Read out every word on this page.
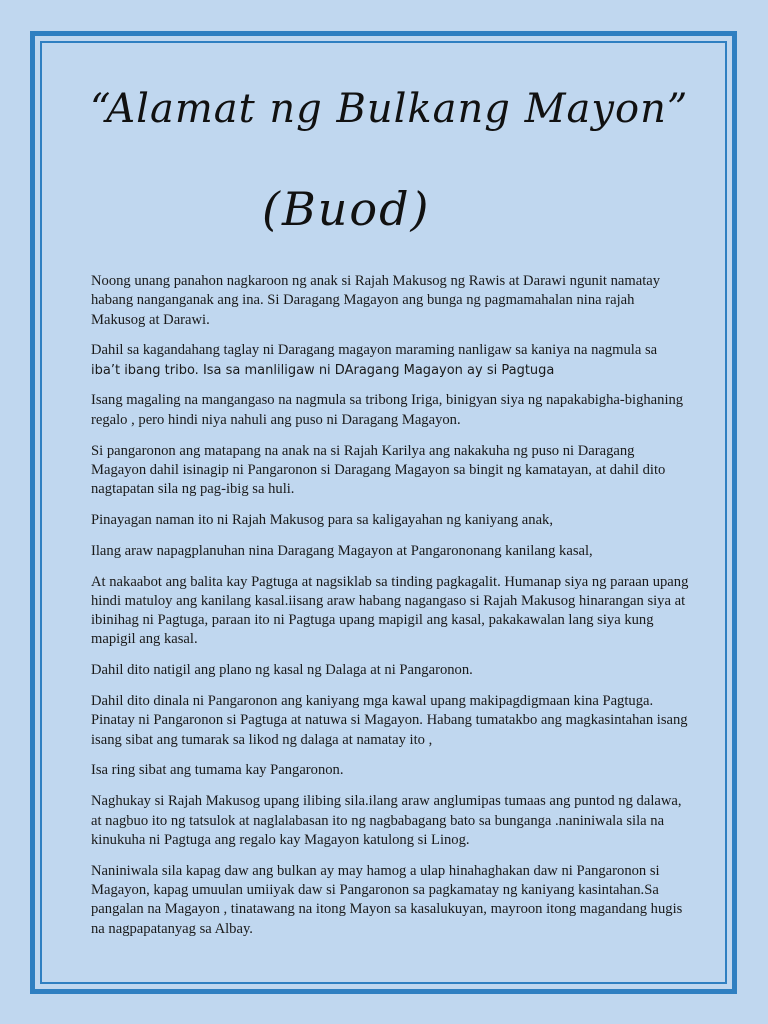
“Alamat ng Bulkang Mayon”
(Buod)

Noong unang panahon nagkaroon ng anak si Rajah Makusog ng Rawis at Darawi ngunit namatay habang nanganganak ang ina. Si Daragang Magayon ang bunga ng pagmamahalan nina rajah Makusog at Darawi.

Dahil sa kagandahang taglay ni Daragang magayon maraming nanligaw sa kaniya na nagmula sa
iba’t ibang tribo. Isa sa manliligaw ni DAragang Magayon ay si Pagtuga

Isang magaling na mangangaso na nagmula sa tribong Iriga, binigyan siya ng napakabigha-bighaning regalo , pero hindi niya nahuli ang puso ni Daragang Magayon.

Si pangaronon ang matapang na anak na si Rajah Karilya ang nakakuha ng puso ni Daragang Magayon dahil isinagip ni Pangaronon si Daragang Magayon sa bingit ng kamatayan, at dahil dito nagtapatan sila ng pag-ibig sa huli.

Pinayagan naman ito ni Rajah Makusog para sa kaligayahan ng kaniyang anak,

Ilang araw napagplanuhan nina Daragang Magayon at Pangarononang kanilang kasal,

At nakaabot ang balita kay Pagtuga at nagsiklab sa tinding pagkagalit. Humanap siya ng paraan upang hindi matuloy ang kanilang kasal.iisang araw habang nagangaso si Rajah Makusog hinarangan siya at ibinihag ni Pagtuga, paraan ito ni Pagtuga upang mapigil ang kasal, pakakawalan lang siya kung mapigil ang kasal.

Dahil dito natigil ang plano ng kasal ng Dalaga at ni Pangaronon.

Dahil dito dinala ni Pangaronon ang kaniyang mga kawal upang makipagdigmaan kina Pagtuga. Pinatay ni Pangaronon si Pagtuga at natuwa si Magayon. Habang tumatakbo ang magkasintahan isang isang sibat ang tumarak sa likod ng dalaga at namatay ito ,

Isa ring sibat ang tumama kay Pangaronon.

Naghukay si Rajah Makusog upang ilibing sila.ilang araw anglumipas tumaas ang puntod ng dalawa, at nagbuo ito ng tatsulok at naglalabasan ito ng nagbabagang bato sa bunganga .naniniwala sila na kinukuha ni Pagtuga ang regalo kay Magayon katulong si Linog.

Naniniwala sila kapag daw ang bulkan ay may hamog a ulap hinahaghakan daw ni Pangaronon si Magayon, kapag umuulan umiiyak daw si Pangaronon sa pagkamatay ng kaniyang kasintahan.Sa pangalan na Magayon , tinatawang na itong Mayon sa kasalukuyan, mayroon itong magandang hugis na nagpapatanyag sa Albay.
